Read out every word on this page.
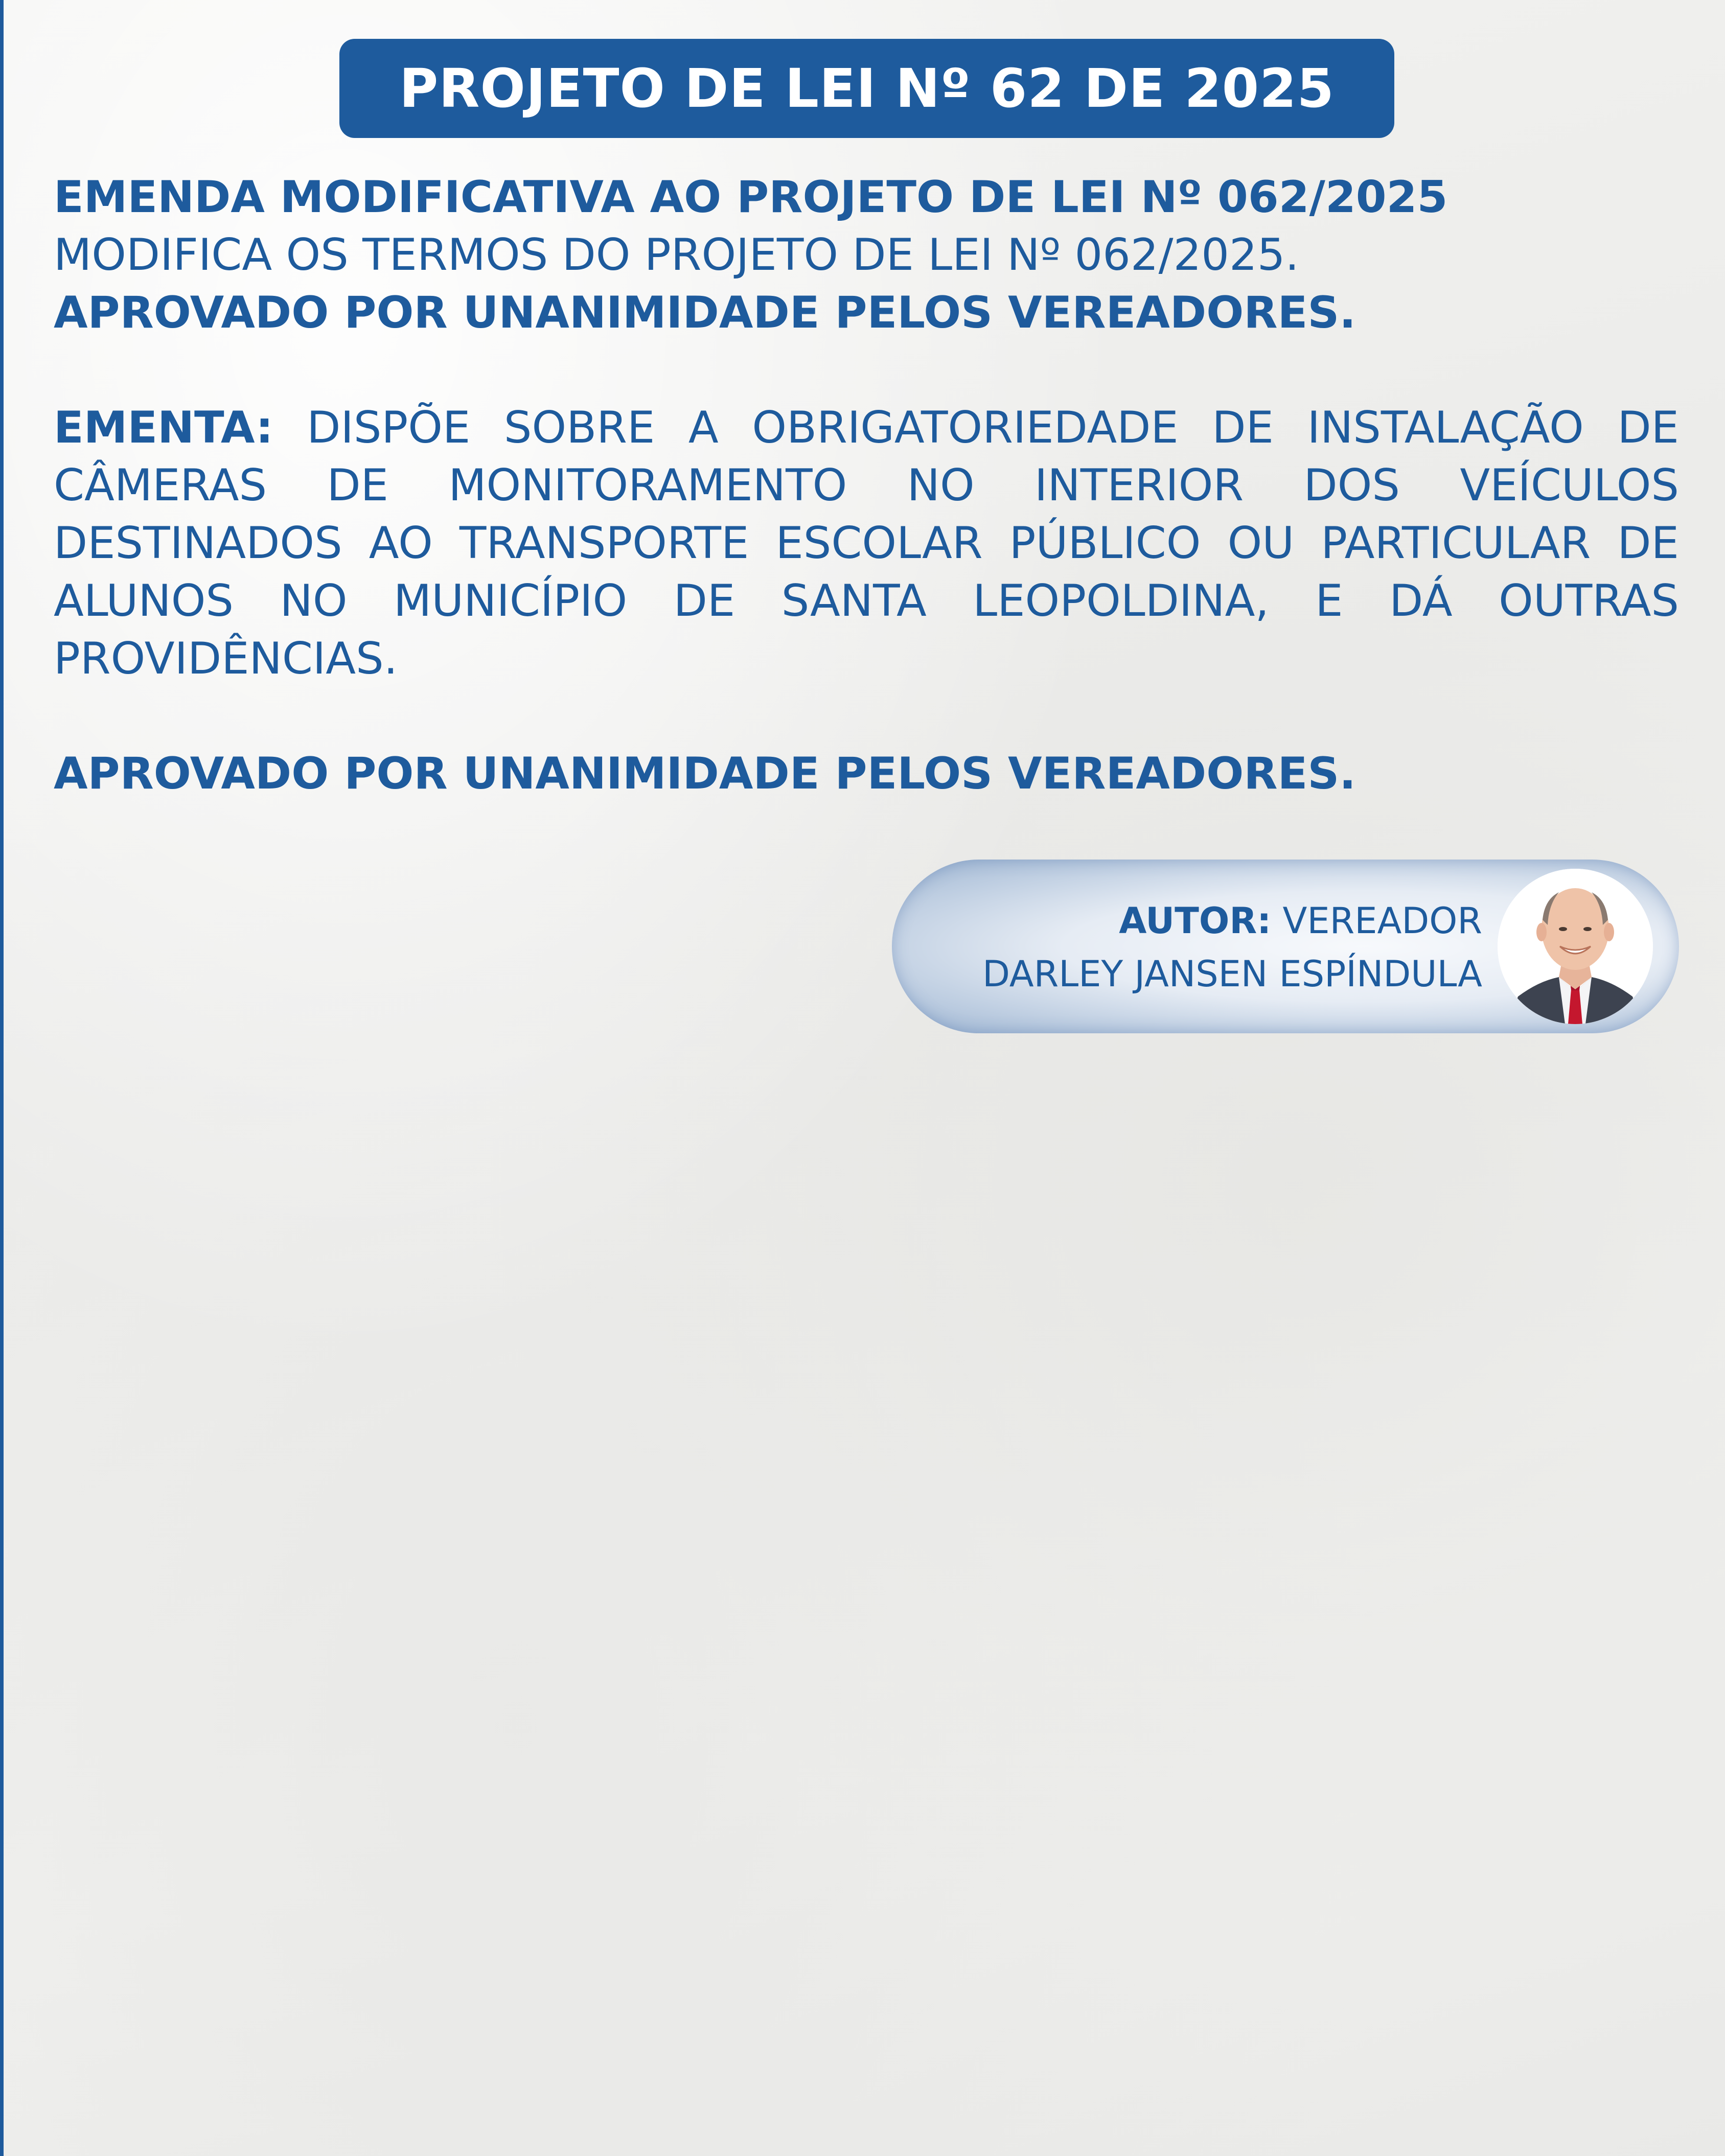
PROJETO DE LEI Nº 62 DE 2025
EMENDA MODIFICATIVA AO PROJETO DE LEI Nº 062/2025
MODIFICA OS TERMOS DO PROJETO DE LEI Nº 062/2025.
APROVADO POR UNANIMIDADE PELOS VEREADORES.
EMENTA: DISPÕE SOBRE A OBRIGATORIEDADE DE INSTALAÇÃO DE CÂMERAS DE MONITORAMENTO NO INTERIOR DOS VEÍCULOS DESTINADOS AO TRANSPORTE ESCOLAR PÚBLICO OU PARTICULAR DE ALUNOS NO MUNICÍPIO DE SANTA LEOPOLDINA, E DÁ OUTRAS PROVIDÊNCIAS.
APROVADO POR UNANIMIDADE PELOS VEREADORES.
AUTOR: VEREADOR
DARLEY JANSEN ESPÍNDULA
